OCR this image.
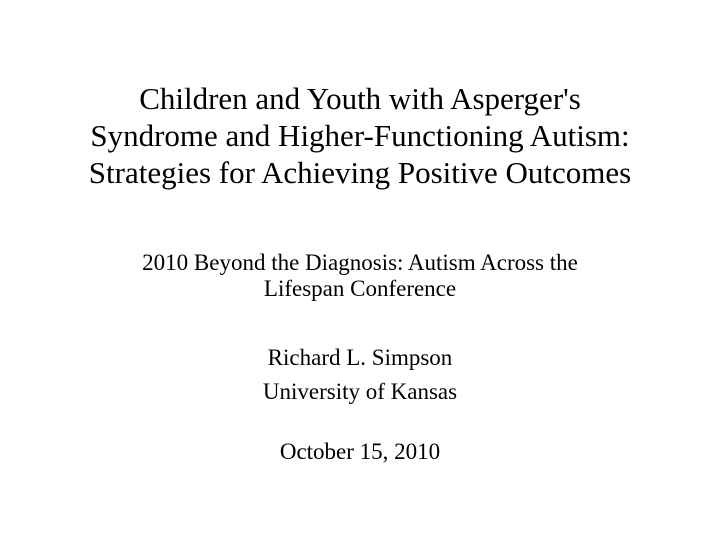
Children and Youth with Asperger's
Syndrome and Higher-Functioning Autism:
Strategies for Achieving Positive Outcomes
2010 Beyond the Diagnosis: Autism Across the
Lifespan Conference
Richard L. Simpson
University of Kansas
October 15, 2010
